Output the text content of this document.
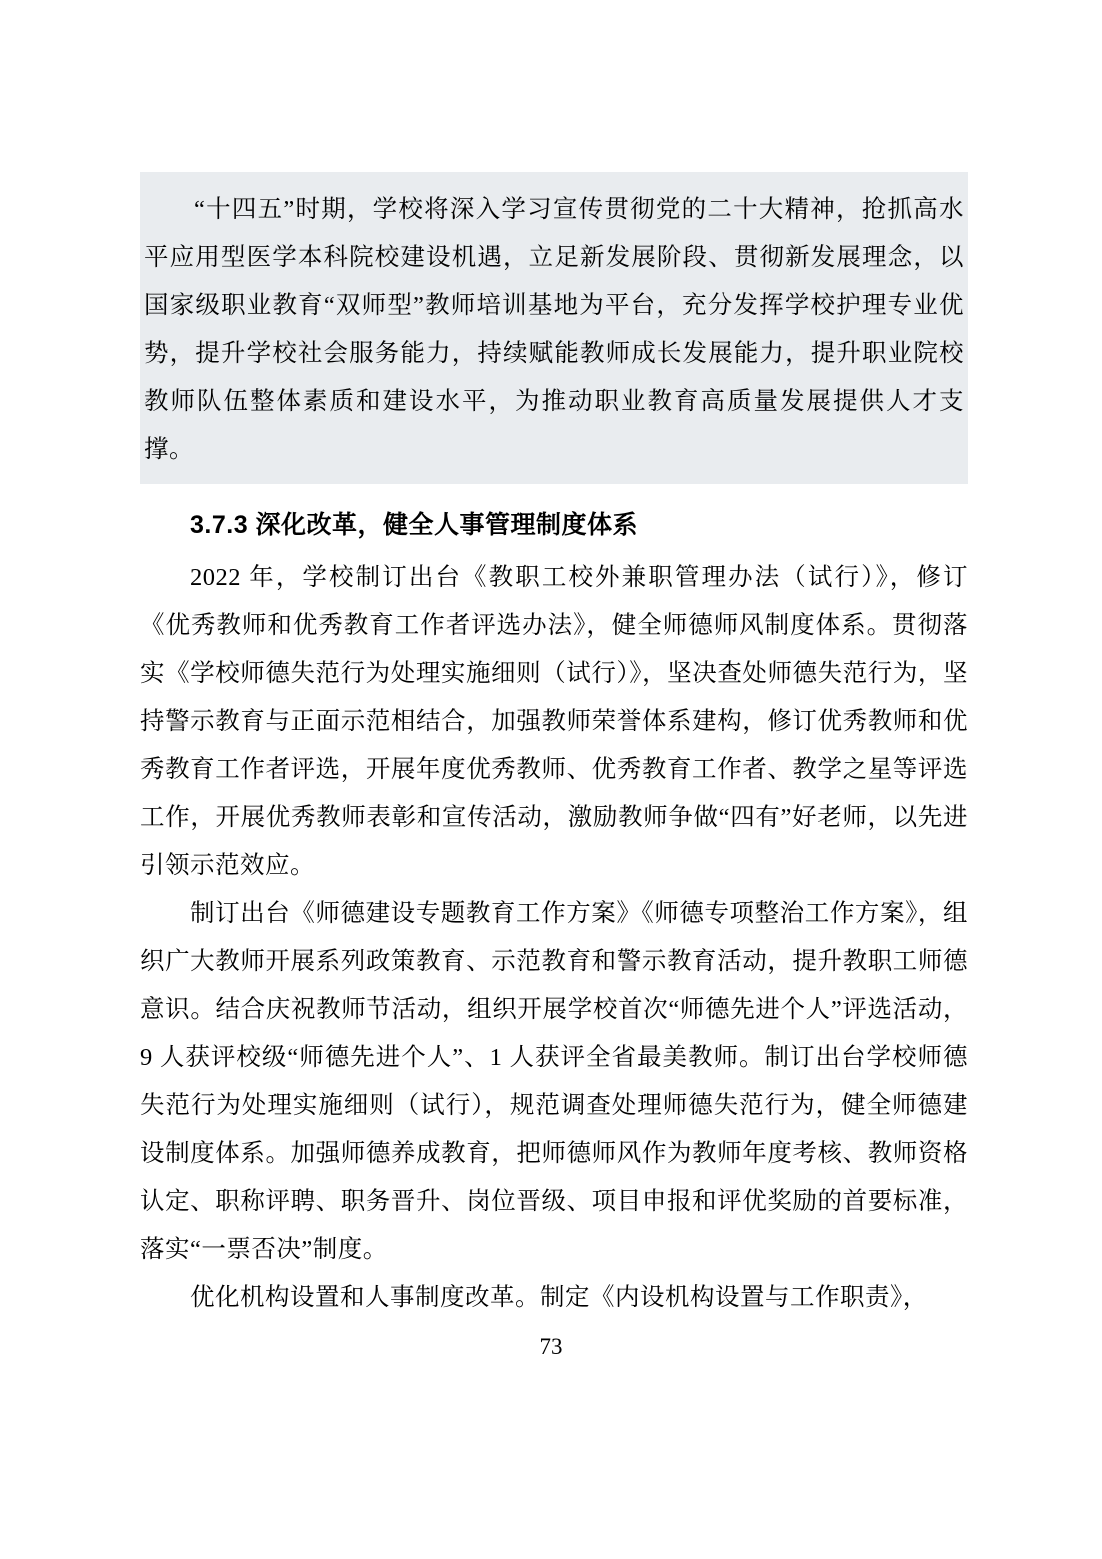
“十四五”时期，学校将深入学习宣传贯彻党的二十大精神，抢抓高水平应用型医学本科院校建设机遇，立足新发展阶段、贯彻新发展理念，以国家级职业教育“双师型”教师培训基地为平台，充分发挥学校护理专业优势，提升学校社会服务能力，持续赋能教师成长发展能力，提升职业院校教师队伍整体素质和建设水平，为推动职业教育高质量发展提供人才支撑。

3.7.3 深化改革，健全人事管理制度体系

2022 年，学校制订出台《教职工校外兼职管理办法（试行）》，修订《优秀教师和优秀教育工作者评选办法》，健全师德师风制度体系。贯彻落实《学校师德失范行为处理实施细则（试行）》，坚决查处师德失范行为，坚持警示教育与正面示范相结合，加强教师荣誉体系建构，修订优秀教师和优秀教育工作者评选，开展年度优秀教师、优秀教育工作者、教学之星等评选工作，开展优秀教师表彰和宣传活动，激励教师争做“四有”好老师，以先进引领示范效应。

制订出台《师德建设专题教育工作方案》《师德专项整治工作方案》，组织广大教师开展系列政策教育、示范教育和警示教育活动，提升教职工师德意识。结合庆祝教师节活动，组织开展学校首次“师德先进个人”评选活动，9 人获评校级“师德先进个人”、1 人获评全省最美教师。制订出台学校师德失范行为处理实施细则（试行），规范调查处理师德失范行为，健全师德建设制度体系。加强师德养成教育，把师德师风作为教师年度考核、教师资格认定、职称评聘、职务晋升、岗位晋级、项目申报和评优奖励的首要标准，落实“一票否决”制度。

优化机构设置和人事制度改革。制定《内设机构设置与工作职责》，

73
